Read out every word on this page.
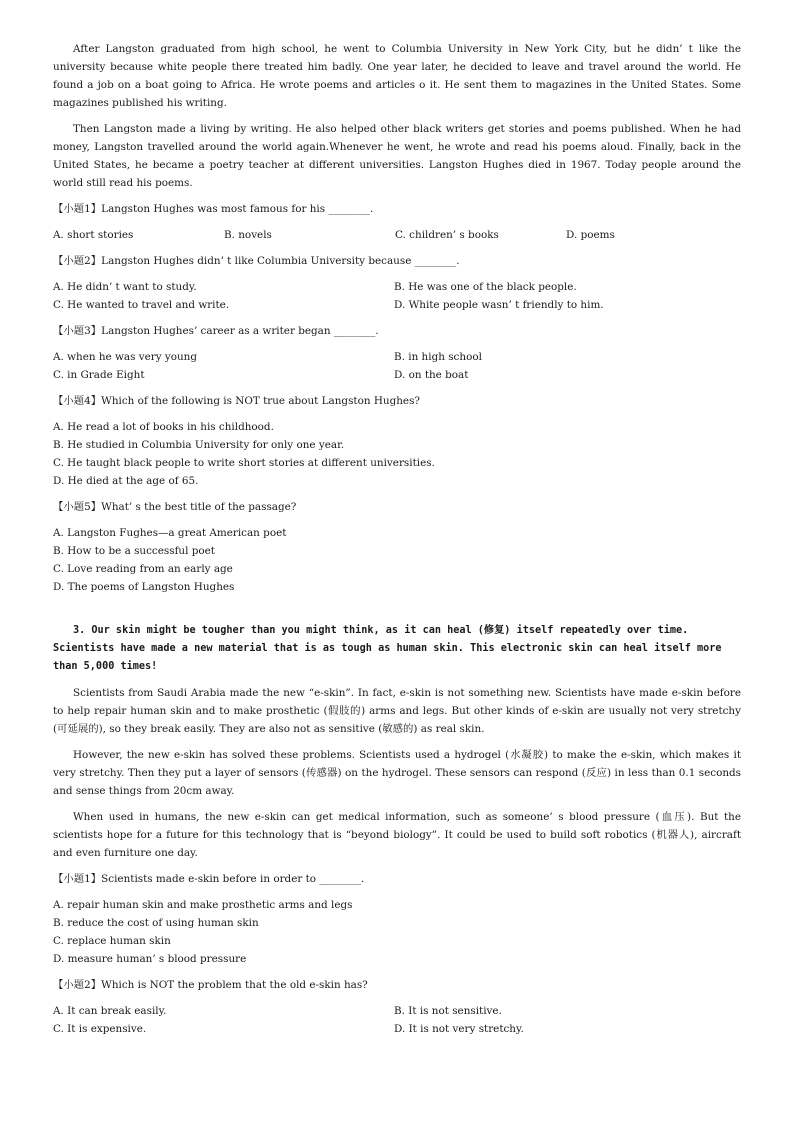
After Langston graduated from high school, he went to Columbia University in New York City, but he didn’ t like the university because white people there treated him badly. One year later, he decided to leave and travel around the world. He found a job on a boat going to Africa. He wrote poems and articles o it. He sent them to magazines in the United States. Some magazines published his writing.

Then Langston made a living by writing. He also helped other black writers get stories and poems published. When he had money, Langston travelled around the world again.Whenever he went, he wrote and read his poems aloud. Finally, back in the United States, he became a poetry teacher at different universities. Langston Hughes died in 1967. Today people around the world still read his poems.

【小题1】Langston Hughes was most famous for his ________.

A. short stories	B. novels	C. children’ s books	D. poems

【小题2】Langston Hughes didn’ t like Columbia University because ________.

A. He didn’ t want to study.	B. He was one of the black people.
C. He wanted to travel and write.	D. White people wasn’ t friendly to him.

【小题3】Langston Hughes’ career as a writer began ________.

A. when he was very young	B. in high school
C. in Grade Eight	D. on the boat

【小题4】Which of the following is NOT true about Langston Hughes?

A. He read a lot of books in his childhood.
B. He studied in Columbia University for only one year.
C. He taught black people to write short stories at different universities.
D. He died at the age of 65.

【小题5】What’ s the best title of the passage?

A. Langston Fughes—a great American poet
B. How to be a successful poet
C. Love reading from an early age
D. The poems of Langston Hughes

3. Our skin might be tougher than you might think, as it can heal (修复) itself repeatedly over time. Scientists have made a new material that is as tough as human skin. This electronic skin can heal itself more than 5,000 times!

Scientists from Saudi Arabia made the new “e-skin”. In fact, e-skin is not something new. Scientists have made e-skin before to help repair human skin and to make prosthetic (假肢的) arms and legs. But other kinds of e-skin are usually not very stretchy (可延展的), so they break easily. They are also not as sensitive (敏感的) as real skin.

However, the new e-skin has solved these problems. Scientists used a hydrogel (水凝胶) to make the e-skin, which makes it very stretchy. Then they put a layer of sensors (传感器) on the hydrogel. These sensors can respond (反应) in less than 0.1 seconds and sense things from 20cm away.

When used in humans, the new e-skin can get medical information, such as someone’ s blood pressure (血压). But the scientists hope for a future for this technology that is “beyond biology”. It could be used to build soft robotics (机器人), aircraft and even furniture one day.

【小题1】Scientists made e-skin before in order to ________.

A. repair human skin and make prosthetic arms and legs
B. reduce the cost of using human skin
C. replace human skin
D. measure human’ s blood pressure

【小题2】Which is NOT the problem that the old e-skin has?

A. It can break easily.	B. It is not sensitive.
C. It is expensive.	D. It is not very stretchy.
